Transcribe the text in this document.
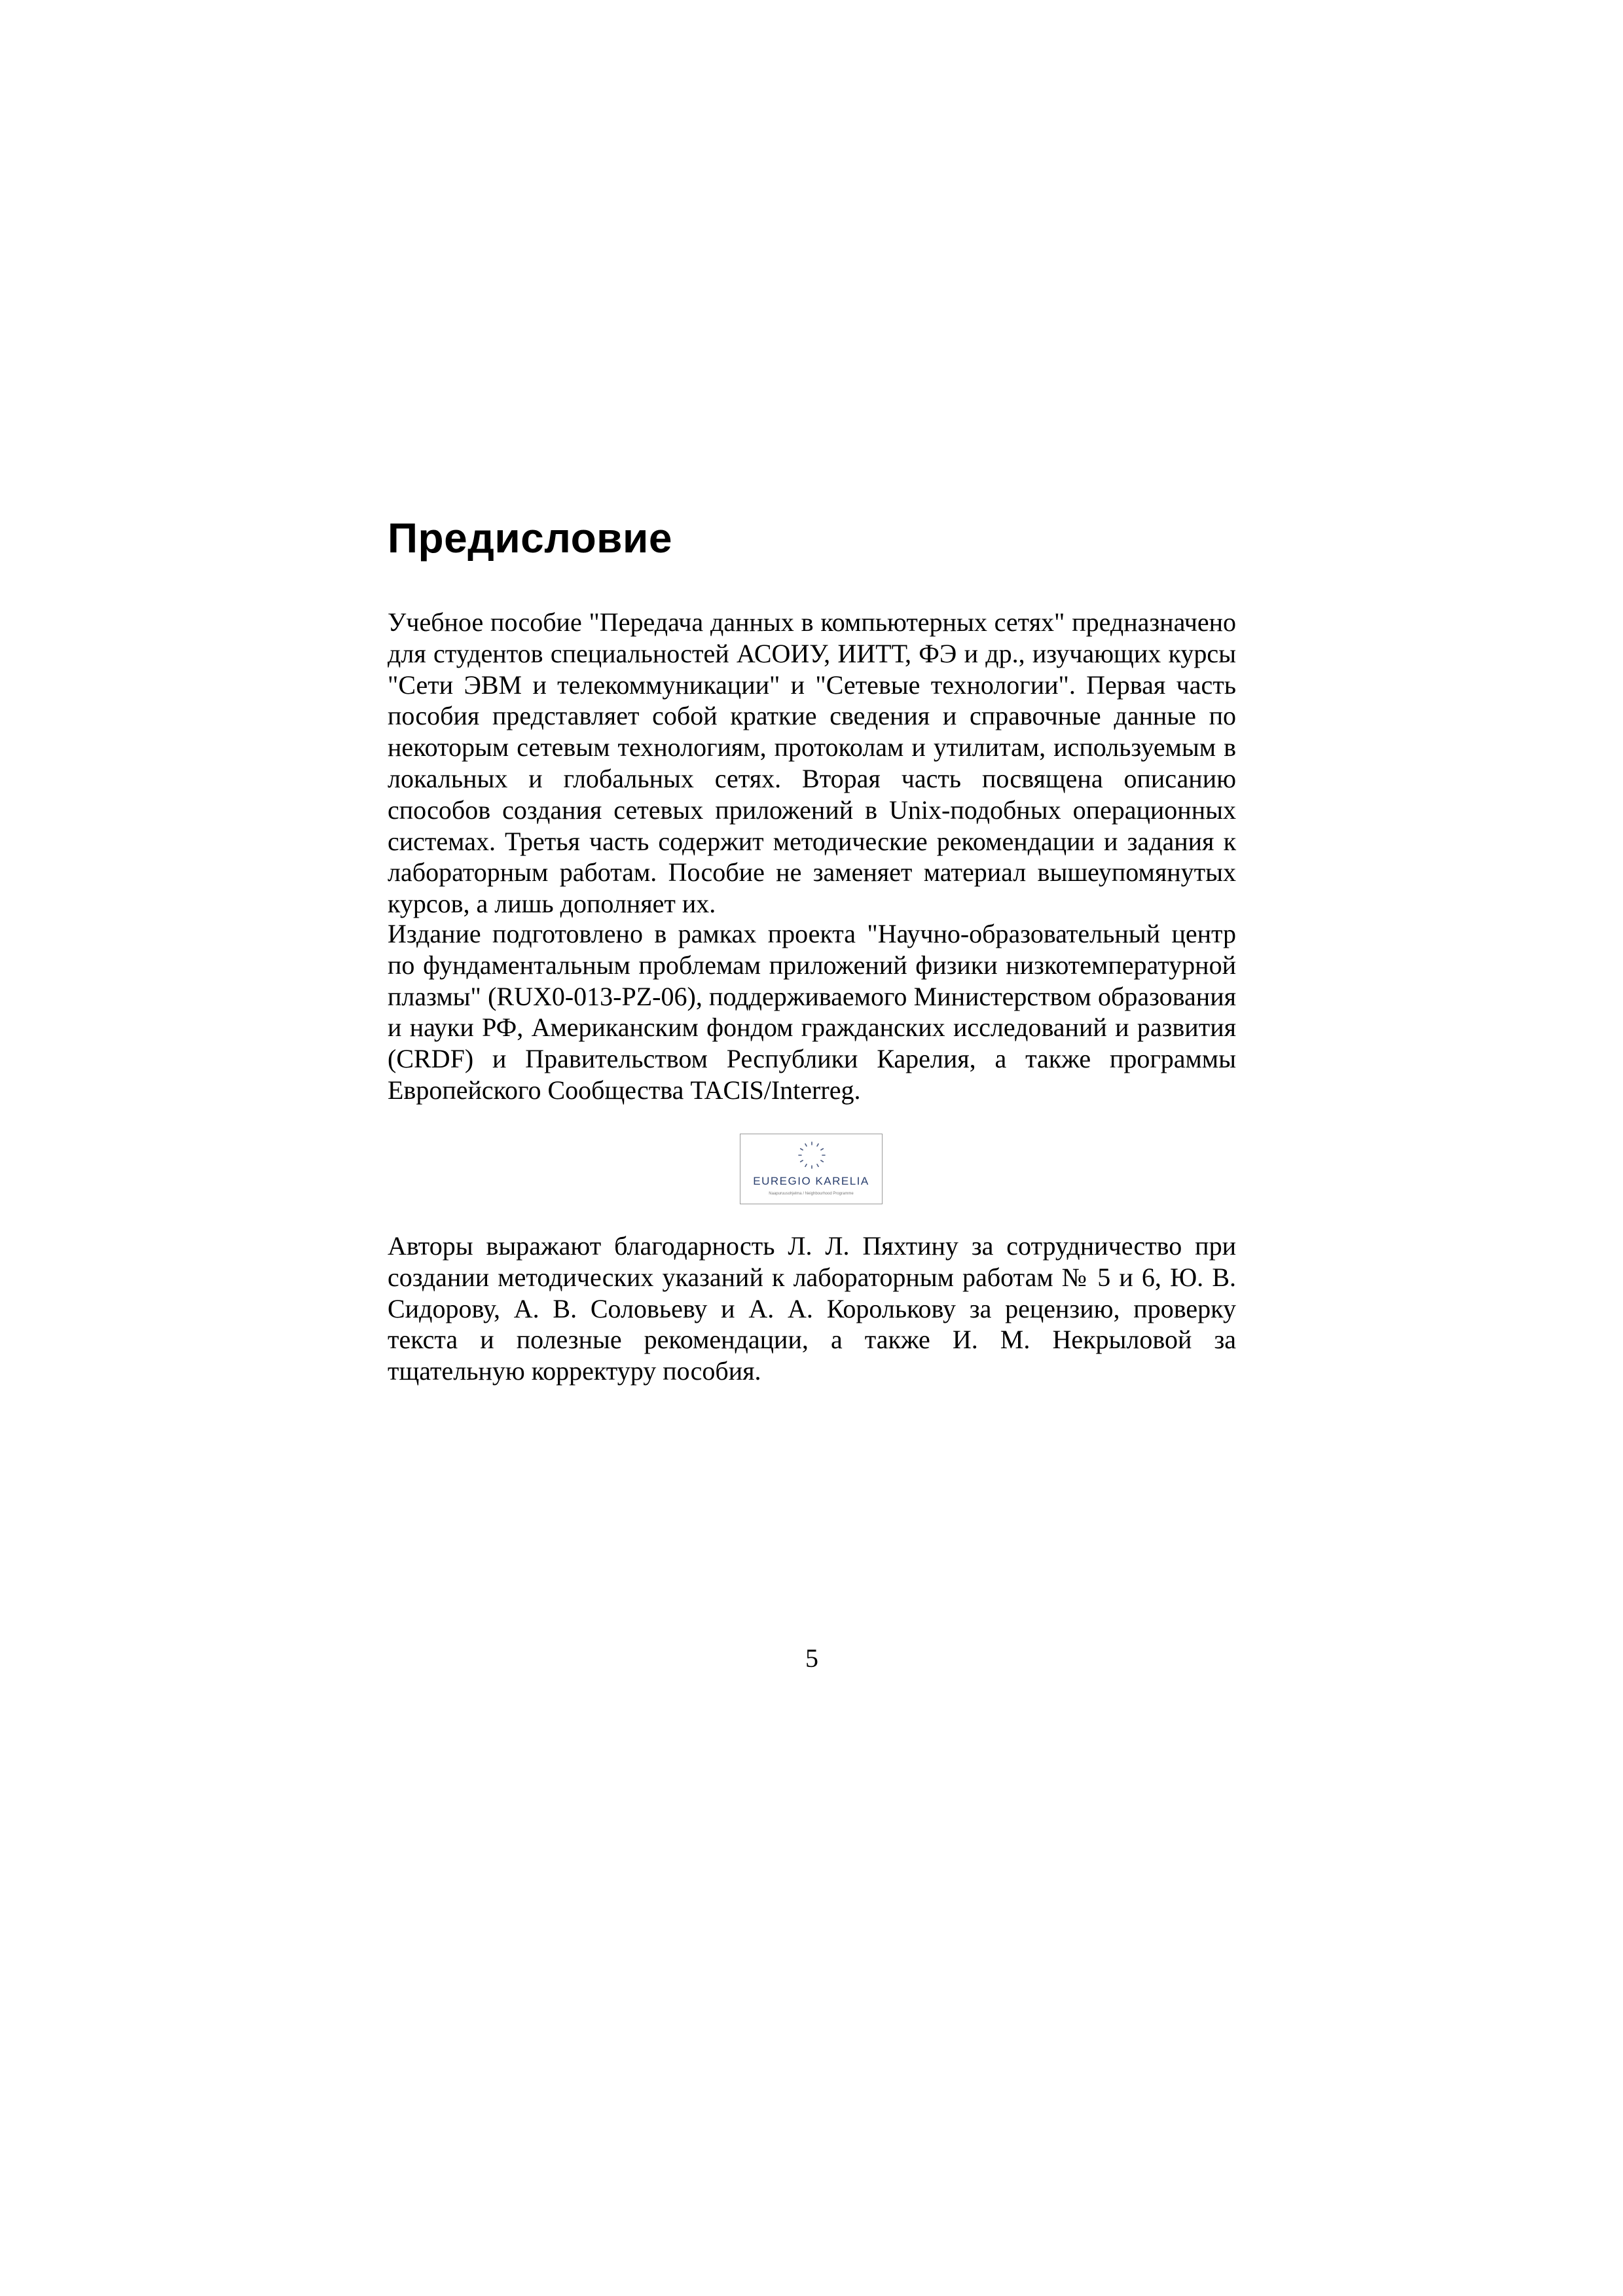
Предисловие

Учебное пособие "Передача данных в компьютерных сетях" предназначено для студентов специальностей АСОИУ, ИИТТ, ФЭ и др., изучающих курсы "Сети ЭВМ и телекоммуникации" и "Сетевые технологии". Первая часть пособия представляет собой краткие сведения и справочные данные по некоторым сетевым технологиям, протоколам и утилитам, используемым в локальных и глобальных сетях. Вторая часть посвящена описанию способов создания сетевых приложений в Unix-подобных операционных системах. Третья часть содержит методические рекомендации и задания к лабораторным работам. Пособие не заменяет материал вышеупомянутых курсов, а лишь дополняет их.

Издание подготовлено в рамках проекта "Научно-образовательный центр по фундаментальным проблемам приложений физики низкотемпературной плазмы" (RUX0-013-PZ-06), поддерживаемого Министерством образования и науки РФ, Американским фондом гражданских исследований и развития (CRDF) и Правительством Республики Карелия, а также программы Европейского Сообщества TACIS/Interreg.

EUREGIO KARELIA
Naapuruusohjelma / Neighbourhood Programme

Авторы выражают благодарность Л. Л. Пяхтину за сотрудничество при создании методических указаний к лабораторным работам № 5 и 6, Ю. В. Сидорову, А. В. Соловьеву и А. А. Королькову за рецензию, проверку текста и полезные рекомендации, а также И. М. Некрыловой за тщательную корректуру пособия.

5
